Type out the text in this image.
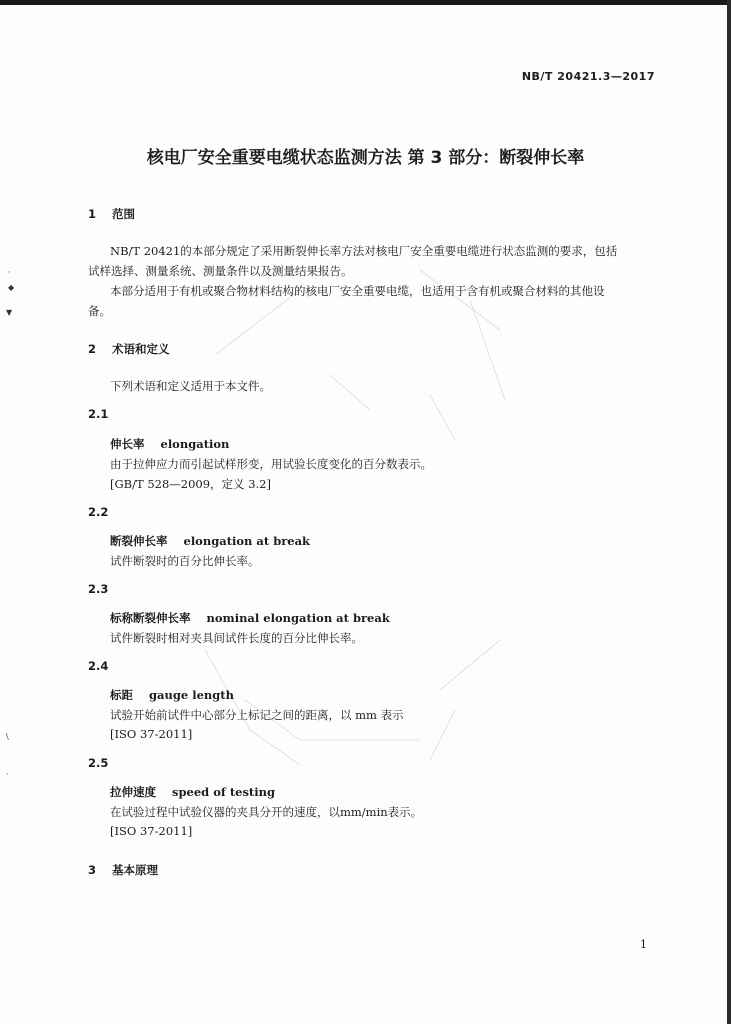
·
◆
▼
\
·
NB/T 20421.3—2017
核电厂安全重要电缆状态监测方法 第 3 部分：断裂伸长率
1 范围
NB/T 20421的本部分规定了采用断裂伸长率方法对核电厂安全重要电缆进行状态监测的要求，包括
试样选择、测量系统、测量条件以及测量结果报告。
本部分适用于有机或聚合物材料结构的核电厂安全重要电缆，也适用于含有机或聚合材料的其他设
备。
2 术语和定义
下列术语和定义适用于本文件。
2.1
伸长率 elongation
由于拉伸应力而引起试样形变，用试验长度变化的百分数表示。
[GB/T 528—2009，定义 3.2]
2.2
断裂伸长率 elongation at break
试件断裂时的百分比伸长率。
2.3
标称断裂伸长率 nominal elongation at break
试件断裂时相对夹具间试件长度的百分比伸长率。
2.4
标距 gauge length
试验开始前试件中心部分上标记之间的距离，以 mm 表示
[ISO 37-2011]
2.5
拉伸速度 speed of testing
在试验过程中试验仪器的夹具分开的速度，以mm/min表示。
[ISO 37-2011]
3 基本原理
1
